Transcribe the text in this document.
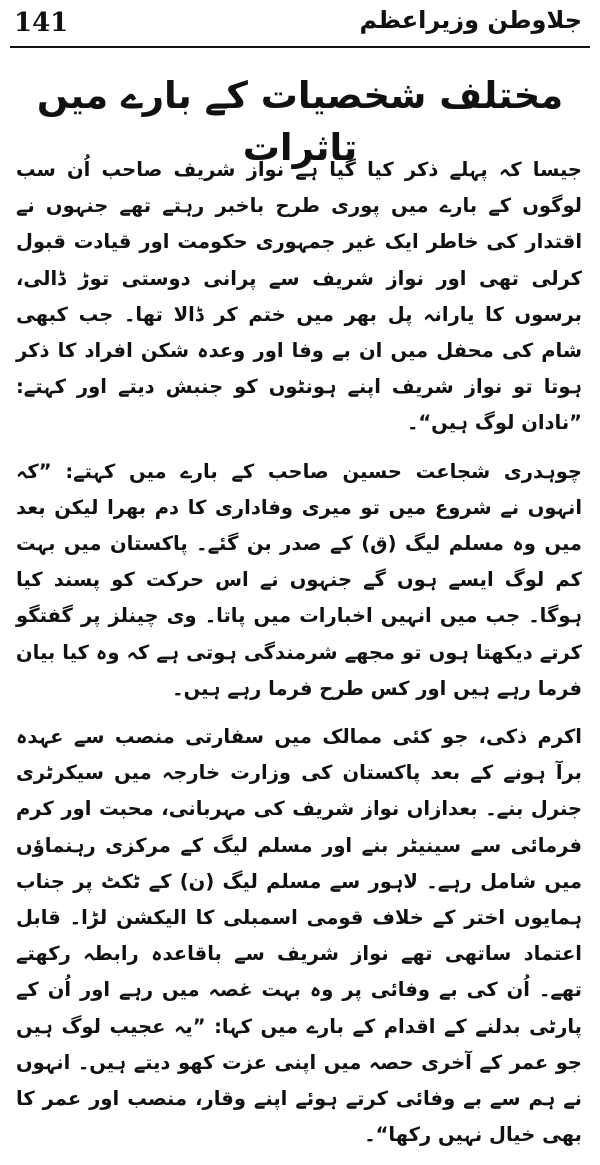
141	جلاوطن وزیراعظم
مختلف شخصیات کے بارے میں تاثرات

جیسا کہ پہلے ذکر کیا گیا ہے نواز شریف صاحب اُن سب لوگوں کے بارے میں پوری طرح باخبر رہتے تھے جنہوں نے اقتدار کی خاطر ایک غیر جمہوری حکومت اور قیادت قبول کرلی تھی اور نواز شریف سے پرانی دوستی توڑ ڈالی، برسوں کا یارانہ پل بھر میں ختم کر ڈالا تھا۔ جب کبھی شام کی محفل میں ان بے وفا اور وعدہ شکن افراد کا ذکر ہوتا تو نواز شریف اپنے ہونٹوں کو جنبش دیتے اور کہتے: ”نادان لوگ ہیں“۔

چوہدری شجاعت حسین صاحب کے بارے میں کہتے: ”کہ انہوں نے شروع میں تو میری وفاداری کا دم بھرا لیکن بعد میں وہ مسلم لیگ (ق) کے صدر بن گئے۔ پاکستان میں بہت کم لوگ ایسے ہوں گے جنہوں نے اس حرکت کو پسند کیا ہوگا۔ جب میں انہیں اخبارات میں پاتا۔ وی چینلز پر گفتگو کرتے دیکھتا ہوں تو مجھے شرمندگی ہوتی ہے کہ وہ کیا بیان فرما رہے ہیں اور کس طرح فرما رہے ہیں۔

اکرم ذکی، جو کئی ممالک میں سفارتی منصب سے عہدہ برآ ہونے کے بعد پاکستان کی وزارت خارجہ میں سیکرٹری جنرل بنے۔ بعدازاں نواز شریف کی مہربانی، محبت اور کرم فرمائی سے سینیٹر بنے اور مسلم لیگ کے مرکزی رہنماؤں میں شامل رہے۔ لاہور سے مسلم لیگ (ن) کے ٹکٹ پر جناب ہمایوں اختر کے خلاف قومی اسمبلی کا الیکشن لڑا۔ قابل اعتماد ساتھی تھے نواز شریف سے باقاعدہ رابطہ رکھتے تھے۔ اُن کی بے وفائی پر وہ بہت غصہ میں رہے اور اُن کے پارٹی بدلنے کے اقدام کے بارے میں کہا: ”یہ عجیب لوگ ہیں جو عمر کے آخری حصہ میں اپنی عزت کھو دیتے ہیں۔ انہوں نے ہم سے بے وفائی کرتے ہوئے اپنے وقار، منصب اور عمر کا بھی خیال نہیں رکھا“۔
